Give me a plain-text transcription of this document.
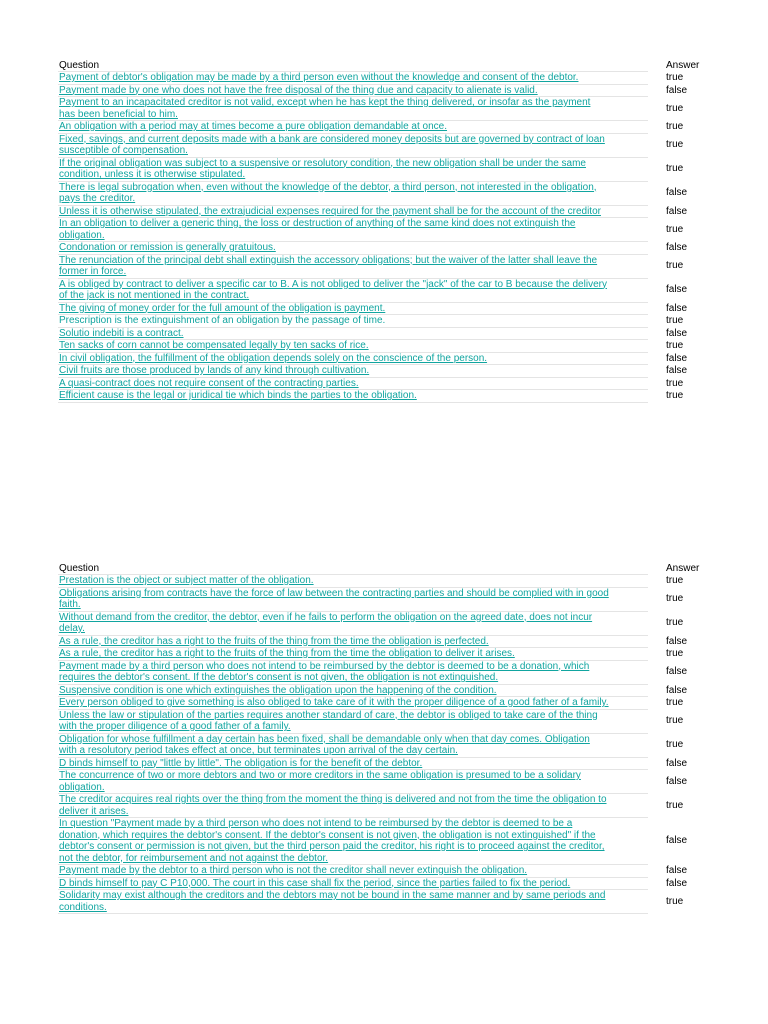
Question	Answer
Payment of debtor's obligation may be made by a third person even without the knowledge and consent of the debtor.	true
Payment made by one who does not have the free disposal of the thing due and capacity to alienate is valid.	false
Payment to an incapacitated creditor is not valid, except when he has kept the thing delivered, or insofar as the payment has been beneficial to him.	true
An obligation with a period may at times become a pure obligation demandable at once.	true
Fixed, savings, and current deposits made with a bank are considered money deposits but are governed by contract of loan susceptible of compensation.	true
If the original obligation was subject to a suspensive or resolutory condition, the new obligation shall be under the same condition, unless it is otherwise stipulated.	true
There is legal subrogation when, even without the knowledge of the debtor, a third person, not interested in the obligation, pays the creditor.	false
Unless it is otherwise stipulated, the extrajudicial expenses required for the payment shall be for the account of the creditor	false
In an obligation to deliver a generic thing, the loss or destruction of anything of the same kind does not extinguish the obligation.	true
Condonation or remission is generally gratuitous.	false
The renunciation of the principal debt shall extinguish the accessory obligations; but the waiver of the latter shall leave the former in force.	true
A is obliged by contract to deliver a specific car to B. A is not obliged to deliver the "jack" of the car to B because the delivery of the jack is not mentioned in the contract.	false
The giving of money order for the full amount of the obligation is payment.	false
Prescription is the extinguishment of an obligation by the passage of time.	true
Solutio indebiti is a contract.	false
Ten sacks of corn cannot be compensated legally by ten sacks of rice.	true
In civil obligation, the fulfillment of the obligation depends solely on the conscience of the person.	false
Civil fruits are those produced by lands of any kind through cultivation.	false
A quasi-contract does not require consent of the contracting parties.	true
Efficient cause is the legal or juridical tie which binds the parties to the obligation.	true
Question	Answer
Prestation is the object or subject matter of the obligation.	true
Obligations arising from contracts have the force of law between the contracting parties and should be complied with in good faith.	true
Without demand from the creditor, the debtor, even if he fails to perform the obligation on the agreed date, does not incur delay.	true
As a rule, the creditor has a right to the fruits of the thing from the time the obligation is perfected.	false
As a rule, the creditor has a right to the fruits of the thing from the time the obligation to deliver it arises.	true
Payment made by a third person who does not intend to be reimbursed by the debtor is deemed to be a donation, which requires the debtor's consent. If the debtor's consent is not given, the obligation is not extinguished.	false
Suspensive condition is one which extinguishes the obligation upon the happening of the condition.	false
Every person obliged to give something is also obliged to take care of it with the proper diligence of a good father of a family.	true
Unless the law or stipulation of the parties requires another standard of care, the debtor is obliged to take care of the thing with the proper diligence of a good father of a family.	true
Obligation for whose fulfillment a day certain has been fixed, shall be demandable only when that day comes. Obligation with a resolutory period takes effect at once, but terminates upon arrival of the day certain.	true
D binds himself to pay "little by little". The obligation is for the benefit of the debtor.	false
The concurrence of two or more debtors and two or more creditors in the same obligation is presumed to be a solidary obligation.	false
The creditor acquires real rights over the thing from the moment the thing is delivered and not from the time the obligation to deliver it arises.	true
In question "Payment made by a third person who does not intend to be reimbursed by the debtor is deemed to be a donation, which requires the debtor's consent. If the debtor's consent is not given, the obligation is not extinguished" if the debtor's consent or permission is not given, but the third person paid the creditor, his right is to proceed against the creditor, not the debtor, for reimbursement and not against the debtor.	false
Payment made by the debtor to a third person who is not the creditor shall never extinguish the obligation.	false
D binds himself to pay C P10,000. The court in this case shall fix the period, since the parties failed to fix the period.	false
Solidarity may exist although the creditors and the debtors may not be bound in the same manner and by same periods and conditions.	true
